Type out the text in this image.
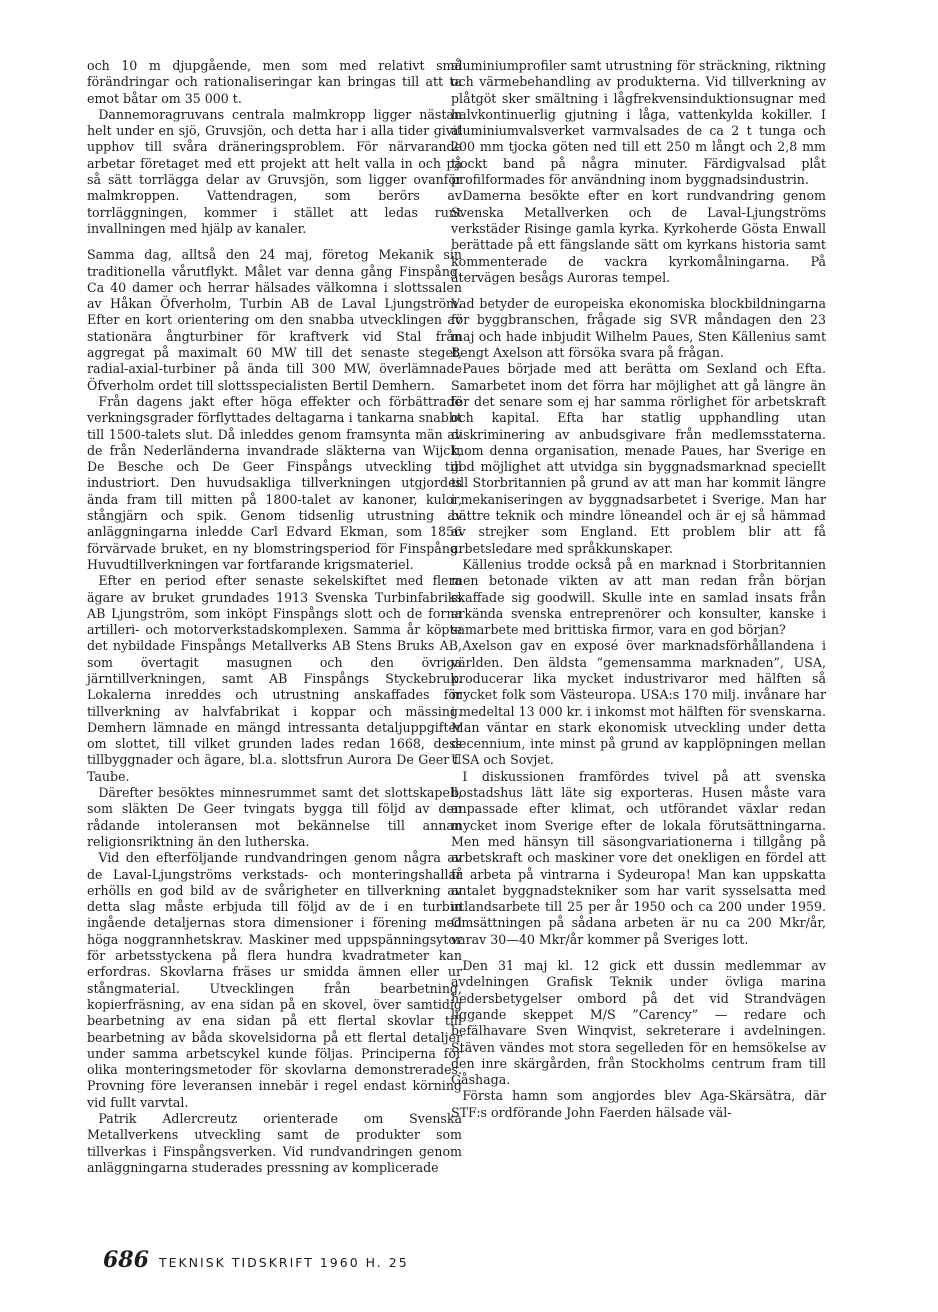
och 10 m djupgående, men som med relativt små förändringar och rationaliseringar kan bringas till att ta emot båtar om 35 000 t.

Dannemoragruvans centrala malmkropp ligger nästan helt under en sjö, Gruvsjön, och detta har i alla tider givit upphov till svåra dräneringsproblem. För närvarande arbetar företaget med ett projekt att helt valla in och på så sätt torrlägga delar av Gruvsjön, som ligger ovanför malmkroppen. Vattendragen, som berörs av torrläggningen, kommer i stället att ledas runt invallningen med hjälp av kanaler.

Samma dag, alltså den 24 maj, företog Mekanik sin traditionella vårutflykt. Målet var denna gång Finspång. Ca 40 damer och herrar hälsades välkomna i slottssalen av Håkan Öfverholm, Turbin AB de Laval Ljungström. Efter en kort orientering om den snabba utvecklingen av stationära ångturbiner för kraftverk vid Stal från aggregat på maximalt 60 MW till det senaste steget, radial-axial-turbiner på ända till 300 MW, överlämnade Öfverholm ordet till slottsspecialisten Bertil Demhern.

Från dagens jakt efter höga effekter och förbättrade verkningsgrader förflyttades deltagarna i tankarna snabbt till 1500-talets slut. Då inleddes genom framsynta män av de från Nederländerna invandrade släkterna van Wijck, De Besche och De Geer Finspångs utveckling till industriort. Den huvudsakliga tillverkningen utgjordes ända fram till mitten på 1800-talet av kanoner, kulor, stångjärn och spik. Genom tidsenlig utrustning av anläggningarna inledde Carl Edvard Ekman, som 1856 förvärvade bruket, en ny blomstringsperiod för Finspång. Huvudtillverkningen var fortfarande krigsmateriel.

Efter en period efter senaste sekelskiftet med flera ägare av bruket grundades 1913 Svenska Turbinfabriks AB Ljungström, som inköpt Finspångs slott och de forna artilleri- och motorverkstadskomplexen. Samma år köpte det nybildade Finspångs Metallverks AB Stens Bruks AB, som övertagit masugnen och den övriga järntillverkningen, samt AB Finspångs Styckebruk. Lokalerna inreddes och utrustning anskaffades för tillverkning av halvfabrikat i koppar och mässing. Demhern lämnade en mängd intressanta detaljuppgifter om slottet, till vilket grunden lades redan 1668, dess tillbyggnader och ägare, bl.a. slottsfrun Aurora De Geer f. Taube.

Därefter besöktes minnesrummet samt det slottskapell, som släkten De Geer tvingats bygga till följd av den rådande intoleransen mot bekännelse till annan religionsriktning än den lutherska.

Vid den efterföljande rundvandringen genom några av de Laval-Ljungströms verkstads- och monteringshallar erhölls en god bild av de svårigheter en tillverkning av detta slag måste erbjuda till följd av de i en turbin ingående detaljernas stora dimensioner i förening med höga noggrannhetskrav. Maskiner med uppspänningsytor för arbetsstyckena på flera hundra kvadratmeter kan erfordras. Skovlarna fräses ur smidda ämnen eller ur stångmaterial. Utvecklingen från bearbetning, kopierfräsning, av ena sidan på en skovel, över samtidig bearbetning av ena sidan på ett flertal skovlar till bearbetning av båda skovelsidorna på ett flertal detaljer under samma arbetscykel kunde följas. Principerna för olika monteringsmetoder för skovlarna demonstrerades. Provning före leveransen innebär i regel endast körning vid fullt varvtal.

Patrik Adlercreutz orienterade om Svenska Metallverkens utveckling samt de produkter som tillverkas i Finspångsverken. Vid rundvandringen genom anläggningarna studerades pressning av komplicerade

aluminiumprofiler samt utrustning för sträckning, riktning och värmebehandling av produkterna. Vid tillverkning av plåtgöt sker smältning i lågfrekvensinduktionsugnar med halvkontinuerlig gjutning i låga, vattenkylda kokiller. I aluminiumvalsverket varmvalsades de ca 2 t tunga och 200 mm tjocka göten ned till ett 250 m långt och 2,8 mm tjockt band på några minuter. Färdigvalsad plåt profilformades för användning inom byggnadsindustrin.

Damerna besökte efter en kort rundvandring genom Svenska Metallverken och de Laval-Ljungströms verkstäder Risinge gamla kyrka. Kyrkoherde Gösta Enwall berättade på ett fängslande sätt om kyrkans historia samt kommenterade de vackra kyrkomålningarna. På återvägen besågs Auroras tempel.

Vad betyder de europeiska ekonomiska blockbildningarna för byggbranschen, frågade sig SVR måndagen den 23 maj och hade inbjudit Wilhelm Paues, Sten Källenius samt Bengt Axelson att försöka svara på frågan.

Paues började med att berätta om Sexland och Efta. Samarbetet inom det förra har möjlighet att gå längre än för det senare som ej har samma rörlighet för arbetskraft och kapital. Efta har statlig upphandling utan diskriminering av anbudsgivare från medlemsstaterna. Inom denna organisation, menade Paues, har Sverige en god möjlighet att utvidga sin byggnadsmarknad speciellt till Storbritannien på grund av att man har kommit längre i mekaniseringen av byggnadsarbetet i Sverige. Man har bättre teknik och mindre löneandel och är ej så hämmad av strejker som England. Ett problem blir att få arbetsledare med språkkunskaper.

Källenius trodde också på en marknad i Storbritannien men betonade vikten av att man redan från början skaffade sig goodwill. Skulle inte en samlad insats från erkända svenska entreprenörer och konsulter, kanske i samarbete med brittiska firmor, vara en god början?

Axelson gav en exposé över marknadsförhållandena i världen. Den äldsta ”gemensamma marknaden”, USA, producerar lika mycket industrivaror med hälften så mycket folk som Västeuropa. USA:s 170 milj. invånare har i medeltal 13 000 kr. i inkomst mot hälften för svenskarna. Man väntar en stark ekonomisk utveckling under detta decennium, inte minst på grund av kapplöpningen mellan USA och Sovjet.

I diskussionen framfördes tvivel på att svenska bostadshus lätt läte sig exporteras. Husen måste vara anpassade efter klimat, och utförandet växlar redan mycket inom Sverige efter de lokala förutsättningarna. Men med hänsyn till säsongvariationerna i tillgång på arbetskraft och maskiner vore det onekligen en fördel att få arbeta på vintrarna i Sydeuropa! Man kan uppskatta antalet byggnadstekniker som har varit sysselsatta med utlandsarbete till 25 per år 1950 och ca 200 under 1959. Omsättningen på sådana arbeten är nu ca 200 Mkr/år, varav 30—40 Mkr/år kommer på Sveriges lott.

Den 31 maj kl. 12 gick ett dussin medlemmar av avdelningen Grafisk Teknik under övliga marina hedersbetygelser ombord på det vid Strandvägen liggande skeppet M/S ”Carency” — redare och befälhavare Sven Winqvist, sekreterare i avdelningen. Stäven vändes mot stora segelleden för en hemsökelse av den inre skärgården, från Stockholms centrum fram till Gåshaga.

Första hamn som angjordes blev Aga-Skärsätra, där STF:s ordförande John Faerden hälsade väl-

686 TEKNISK TIDSKRIFT 1960 H. 25
